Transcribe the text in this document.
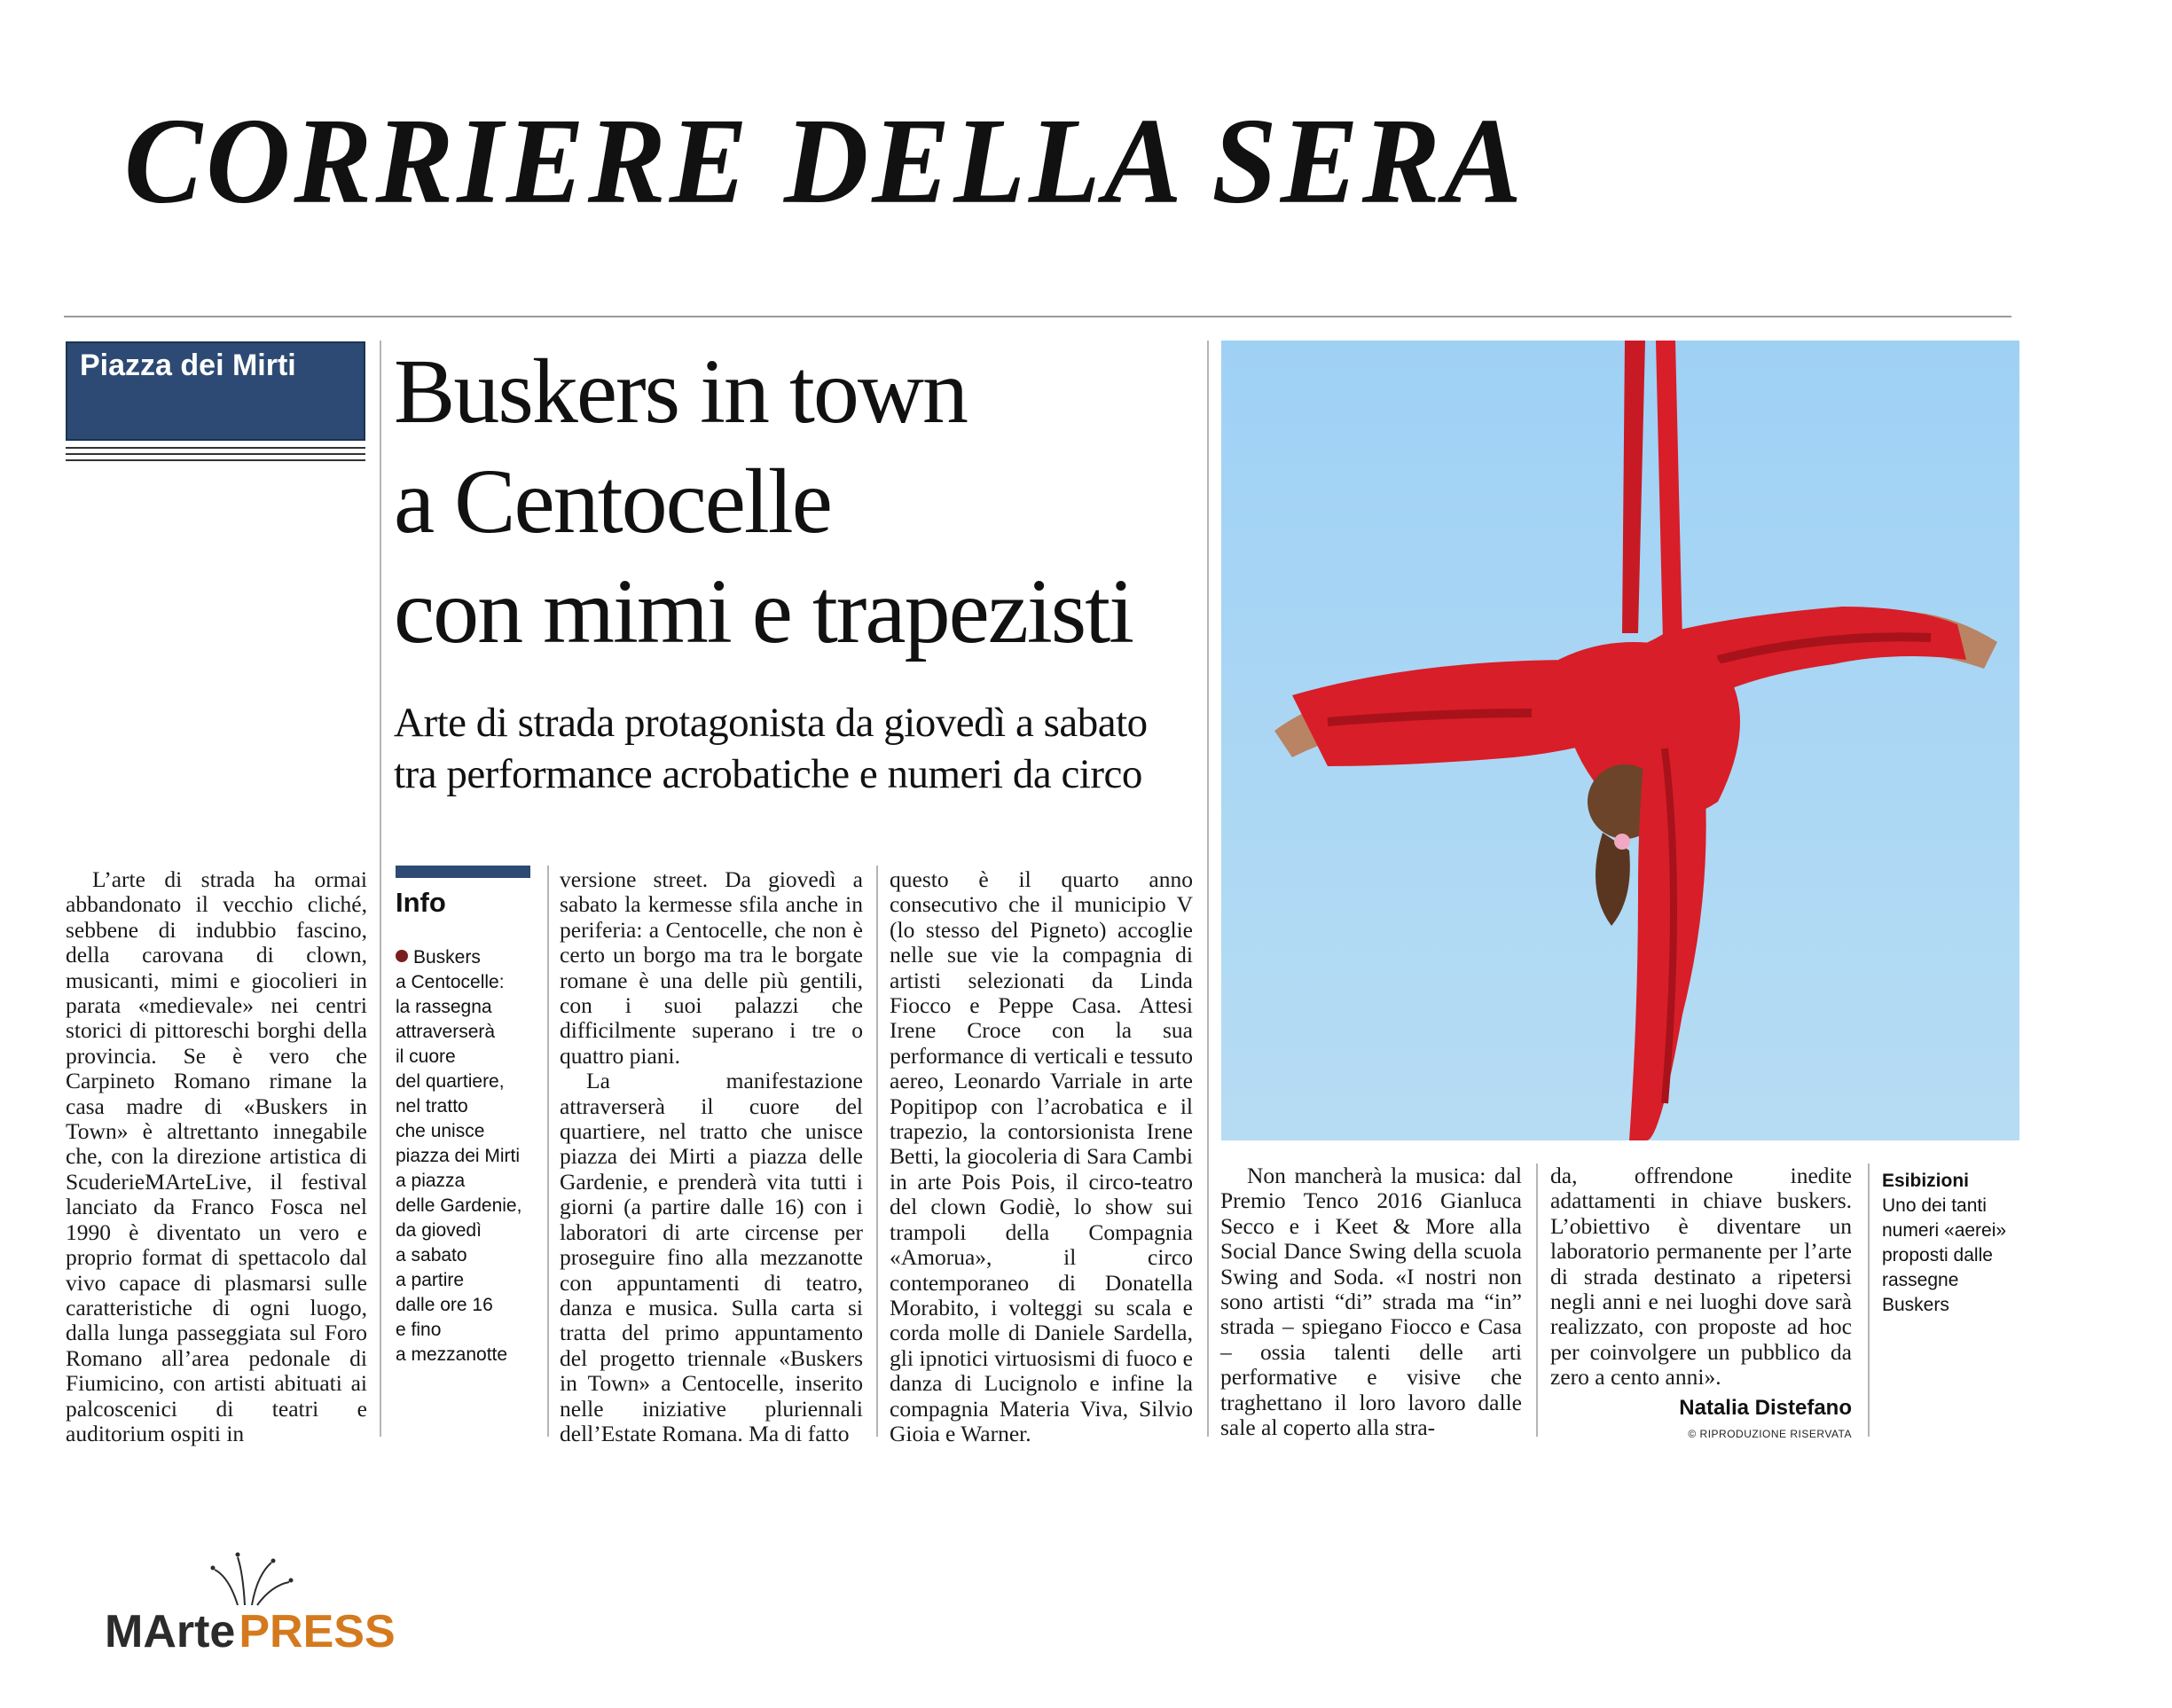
CORRIERE DELLA SERA
Piazza dei Mirti Buskers in town
a Centocelle
con mimi e trapezisti
Arte di strada protagonista da giovedì a sabato
tra performance acrobatiche e numeri da circo

L’arte di strada ha ormai abbandonato il vecchio cliché, sebbene di indubbio fascino, della carovana di clown, musicanti, mimi e giocolieri in parata «medievale» nei centri storici di pittoreschi borghi della provincia. Se è vero che Carpineto Romano rimane la casa madre di «Buskers in Town» è altrettanto innegabile che, con la direzione artistica di ScuderieMArteLive, il festival lanciato da Franco Fosca nel 1990 è diventato un vero e proprio format di spettacolo dal vivo capace di plasmarsi sulle caratteristiche di ogni luogo, dalla lunga passeggiata sul Foro Romano all’area pedonale di Fiumicino, con artisti abituati ai palcoscenici di teatri e auditorium ospiti in

Info
Buskers
a Centocelle:
la rassegna
attraverserà
il cuore
del quartiere,
nel tratto
che unisce
piazza dei Mirti
a piazza
delle Gardenie,
da giovedì
a sabato
a partire
dalle ore 16
e fino
a mezzanotte

versione street. Da giovedì a sabato la kermesse sfila anche in periferia: a Centocelle, che non è certo un borgo ma tra le borgate romane è una delle più gentili, con i suoi palazzi che difficilmente superano i tre o quattro piani.

La manifestazione attraverserà il cuore del quartiere, nel tratto che unisce piazza dei Mirti a piazza delle Gardenie, e prenderà vita tutti i giorni (a partire dalle 16) con i laboratori di arte circense per proseguire fino alla mezzanotte con appuntamenti di teatro, danza e musica. Sulla carta si tratta del primo appuntamento del progetto triennale «Buskers in Town» a Centocelle, inserito nelle iniziative pluriennali dell’Estate Romana. Ma di fatto

questo è il quarto anno consecutivo che il municipio V (lo stesso del Pigneto) accoglie nelle sue vie la compagnia di artisti selezionati da Linda Fiocco e Peppe Casa. Attesi Irene Croce con la sua performance di verticali e tessuto aereo, Leonardo Varriale in arte Popitipop con l’acrobatica e il trapezio, la contorsionista Irene Betti, la giocoleria di Sara Cambi in arte Pois Pois, il circo-teatro del clown Godiè, lo show sui trampoli della Compagnia «Amorua», il circo contemporaneo di Donatella Morabito, i volteggi su scala e corda molle di Daniele Sardella, gli ipnotici virtuosismi di fuoco e danza di Lucignolo e infine la compagnia Materia Viva, Silvio Gioia e Warner.

Non mancherà la musica: dal Premio Tenco 2016 Gianluca Secco e i Keet & More alla Social Dance Swing della scuola Swing and Soda. «I nostri non sono artisti “di” strada ma “in” strada – spiegano Fiocco e Casa – ossia talenti delle arti performative e visive che traghettano il loro lavoro dalle sale al coperto alla stra-

da, offrendone inedite adattamenti in chiave buskers. L’obiettivo è diventare un laboratorio permanente per l’arte di strada destinato a ripetersi negli anni e nei luoghi dove sarà realizzato, con proposte ad hoc per coinvolgere un pubblico da zero a cento anni».

Natalia Distefano
© RIPRODUZIONE RISERVATA
Esibizioni
Uno dei tanti
numeri «aerei»
proposti dalle
rassegne
Buskers
MArtePRESS
